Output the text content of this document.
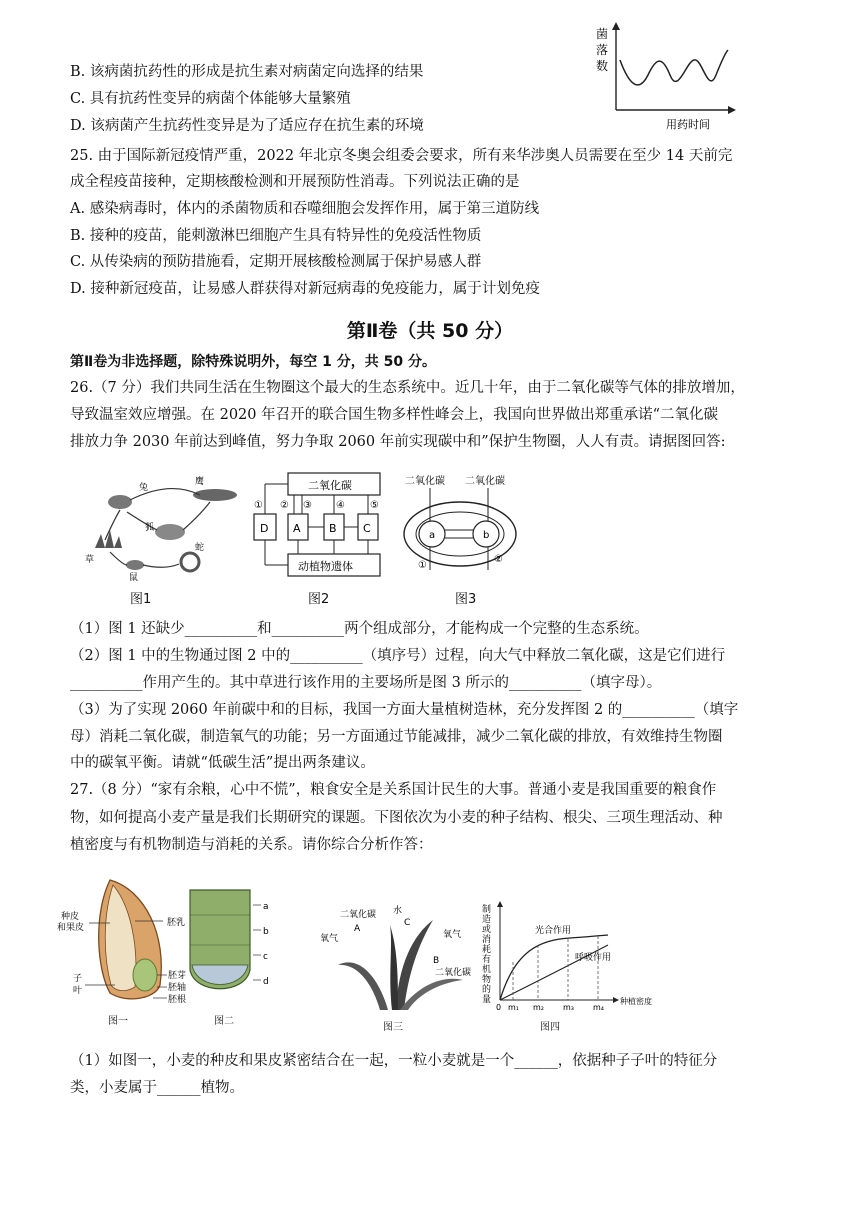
B. 该病菌抗药性的形成是抗生素对病菌定向选择的结果
C. 具有抗药性变异的病菌个体能够大量繁殖
D. 该病菌产生抗药性变异是为了适应存在抗生素的环境
菌
落
数
用药时间
25. 由于国际新冠疫情严重，2022 年北京冬奥会组委会要求，所有来华涉奥人员需要在至少 14 天前完
成全程疫苗接种，定期核酸检测和开展预防性消毒。下列说法正确的是
A. 感染病毒时，体内的杀菌物质和吞噬细胞会发挥作用，属于第三道防线
B. 接种的疫苗，能刺激淋巴细胞产生具有特异性的免疫活性物质
C. 从传染病的预防措施看，定期开展核酸检测属于保护易感人群
D. 接种新冠疫苗，让易感人群获得对新冠病毒的免疫能力，属于计划免疫
第Ⅱ卷（共 50 分）
第Ⅱ卷为非选择题，除特殊说明外，每空 1 分，共 50 分。
26.（7 分）我们共同生活在生物圈这个最大的生态系统中。近几十年，由于二氧化碳等气体的排放增加，
导致温室效应增强。在 2020 年召开的联合国生物多样性峰会上，我国向世界做出郑重承诺“二氧化碳
排放力争 2030 年前达到峰值，努力争取 2060 年前实现碳中和”保护生物圈，人人有责。请据图回答:
兔
鹰
狐
草
鼠
蛇
图1
二氧化碳
D A	B C
动植物遗体
① ② ③ ④	⑤
图2
二氧化碳 二氧化碳
a	b
①
②
图3
（1）图 1 还缺少__________和__________两个组成部分，才能构成一个完整的生态系统。
（2）图 1 中的生物通过图 2 中的__________（填序号）过程，向大气中释放二氧化碳，这是它们进行
__________作用产生的。其中草进行该作用的主要场所是图 3 所示的__________（填字母）。
（3）为了实现 2060 年前碳中和的目标，我国一方面大量植树造林，充分发挥图 2 的__________（填字
母）消耗二氧化碳，制造氧气的功能；另一方面通过节能减排，减少二氧化碳的排放，有效维持生物圈
中的碳氧平衡。请就“低碳生活”提出两条建议。
27.（8 分）“家有余粮，心中不慌”，粮食安全是关系国计民生的大事。普通小麦是我国重要的粮食作
物，如何提高小麦产量是我们长期研究的课题。下图依次为小麦的种子结构、根尖、三项生理活动、种
植密度与有机物制造与消耗的关系。请你综合分析作答：
种皮
和果皮	胚乳
子
叶
胚芽
胚轴
胚根
图一
a
b
c
d
图二
二氧化碳 水
氧气
A
C
氧气
B
二氧化碳
图三
制
造
或
消
耗
有
机
物
的
量
光合作用
呼吸作用
0 m₁ m₂ m₃ m₄
种植密度
图四
（1）如图一，小麦的种皮和果皮紧密结合在一起，一粒小麦就是一个______，依据种子子叶的特征分
类，小麦属于______植物。
